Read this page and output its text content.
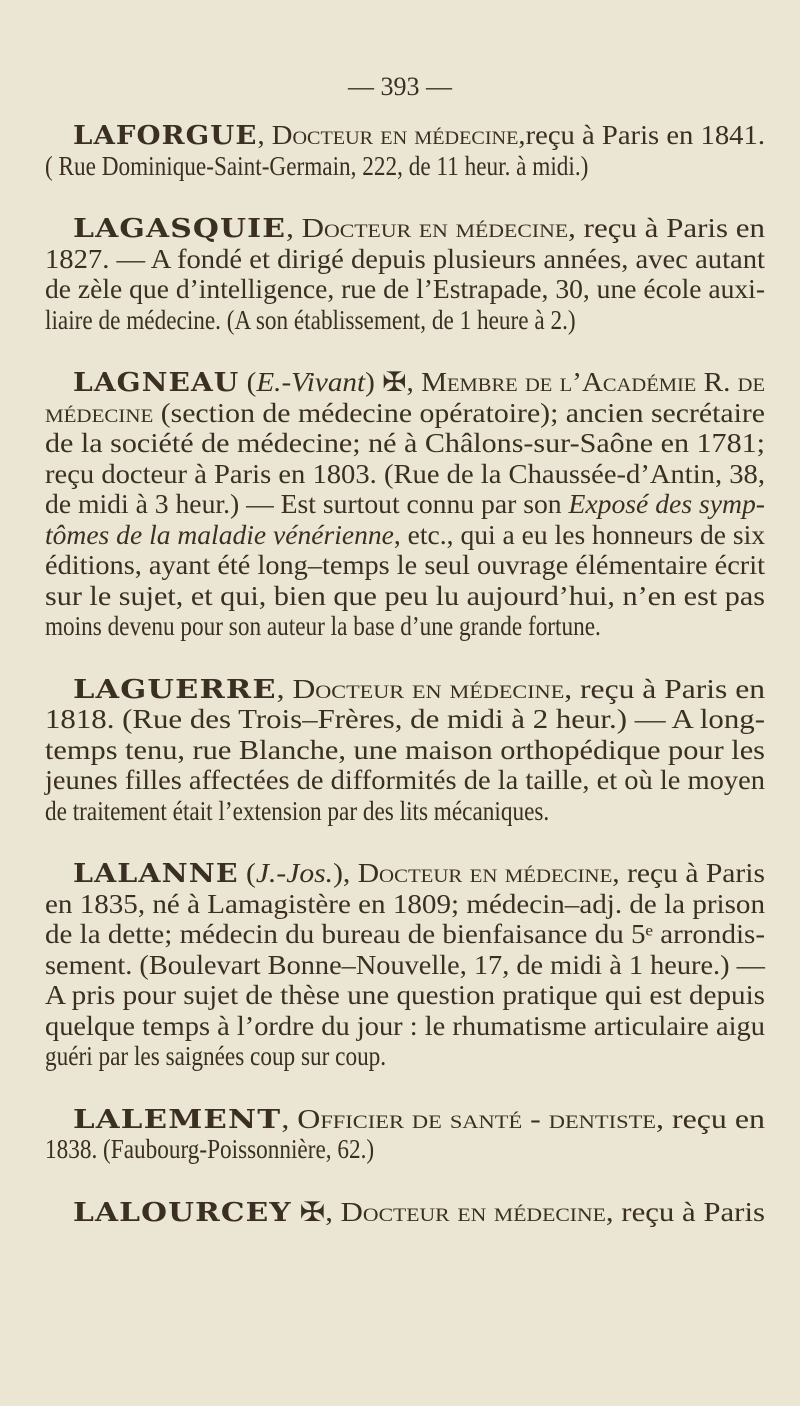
— 393 —
LAFORGUE, Docteur en médecine,reçu à Paris en 1841.
( Rue Dominique-Saint-Germain, 222, de 11 heur. à midi.)
LAGASQUIE, Docteur en médecine, reçu à Paris en
1827. — A fondé et dirigé depuis plusieurs années, avec autant
de zèle que d’intelligence, rue de l’Estrapade, 30, une école auxi-
liaire de médecine. (A son établissement, de 1 heure à 2.)
LAGNEAU (E.-Vivant) ✠, Membre de l’Académie R. de
médecine (section de médecine opératoire); ancien secrétaire
de la société de médecine; né à Châlons-sur-Saône en 1781;
reçu docteur à Paris en 1803. (Rue de la Chaussée-d’Antin, 38,
de midi à 3 heur.) — Est surtout connu par son Exposé des symp-
tômes de la maladie vénérienne, etc., qui a eu les honneurs de six
éditions, ayant été long–temps le seul ouvrage élémentaire écrit
sur le sujet, et qui, bien que peu lu aujourd’hui, n’en est pas
moins devenu pour son auteur la base d’une grande fortune.
LAGUERRE, Docteur en médecine, reçu à Paris en
1818. (Rue des Trois–Frères, de midi à 2 heur.) — A long-
temps tenu, rue Blanche, une maison orthopédique pour les
jeunes filles affectées de difformités de la taille, et où le moyen
de traitement était l’extension par des lits mécaniques.
LALANNE (J.-Jos.), Docteur en médecine, reçu à Paris
en 1835, né à Lamagistère en 1809; médecin–adj. de la prison
de la dette; médecin du bureau de bienfaisance du 5ᵉ arrondis-
sement. (Boulevart Bonne–Nouvelle, 17, de midi à 1 heure.) —
A pris pour sujet de thèse une question pratique qui est depuis
quelque temps à l’ordre du jour : le rhumatisme articulaire aigu
guéri par les saignées coup sur coup.
LALEMENT, Officier de santé - dentiste, reçu en
1838. (Faubourg-Poissonnière, 62.)
LALOURCEY ✠, Docteur en médecine, reçu à Paris
